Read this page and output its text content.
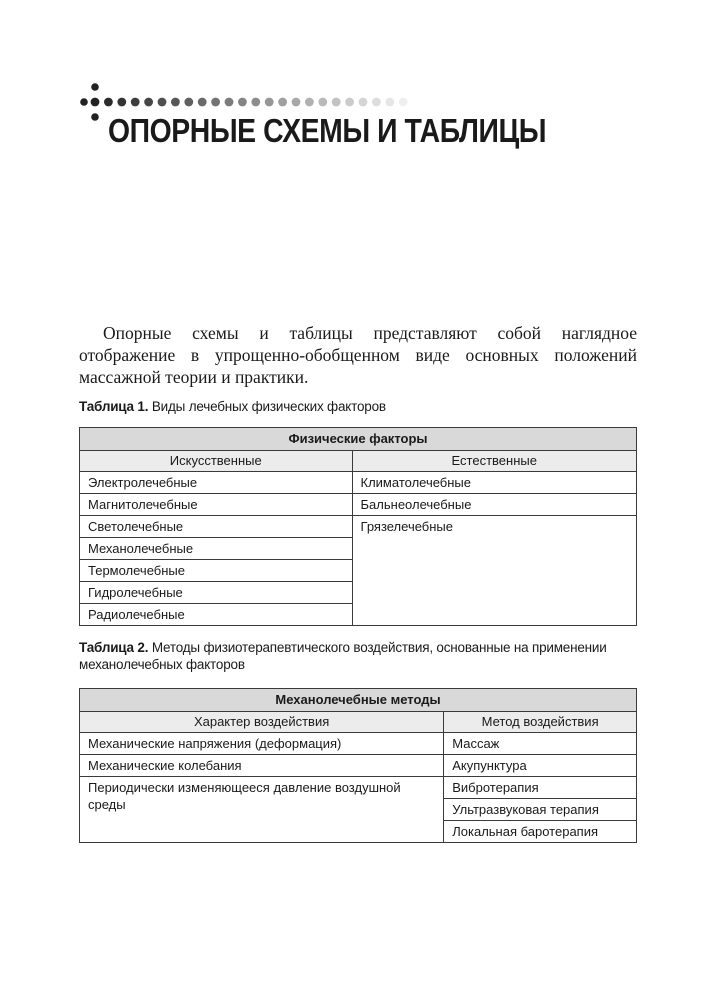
ОПОРНЫЕ СХЕМЫ И ТАБЛИЦЫ

Опорные схемы и таблицы представляют собой наглядное отображение в упрощенно-обобщенном виде основных положений массажной теории и практики.

Таблица 1. Виды лечебных физических факторов

Физические факторы	
Искусственные	Естественные
Электролечебные	Климатолечебные
Магнитолечебные	Бальнеолечебные
Светолечебные	Грязелечебные
Механолечебные	
Термолечебные	
Гидролечебные	
Радиолечебные	

Таблица 2. Методы физиотерапевтического воздействия, основанные на применении механолечебных факторов

Механолечебные методы	
Характер воздействия	Метод воздействия
Механические напряжения (деформация)	Массаж
Механические колебания	Акупунктура
Периодически изменяющееся давление воздушной среды	Вибротерапия
	Ультразвуковая терапия
	Локальная баротерапия
